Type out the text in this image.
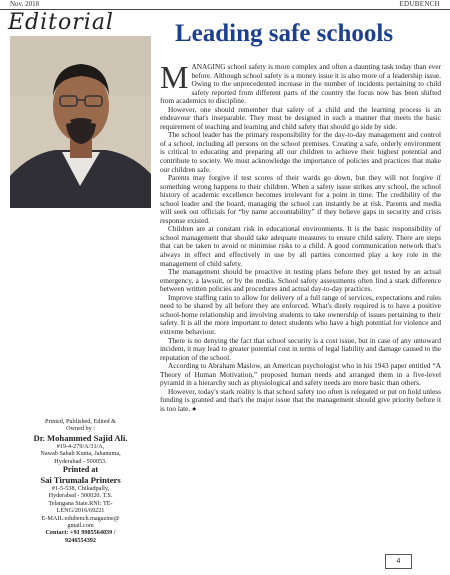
Nov. 2018	EDUBENCH
Editorial Leading safe schools
Printed, Published, Edited &
Owned by :
Dr. Mohammed Sajid Ali.
#19-4-279/A/31/A,
Nawab Sahab Kunta, Jahanuma,
Hyderabad - 500053.
Printed at
Sai Tirumala Printers
#1-5-538, Chikadpally,
Hyderabad - 500020. T.S.
Telangana State.RNI: TE-
LENG/2016/69221
E-MAIL:edubench.magazine@
gmail.com
Contact: +91 9985564039 /
9246554392

MANAGING school safety is more complex and often a daunting task today than ever before. Although school safety is a money issue it is also more of a leadership issue. Owing to the unprecedented increase in the number of incidents pertaining to child safety reported from different parts of the country the focus now has been shifted from academics to discipline.

However, one should remember that safety of a child and the learning process is an endeavour that's inseparable. They must be designed in such a manner that meets the basic requirement of teaching and learning and child safety that should go side by side.

The school leader has the primary responsibility for the day-to-day management and control of a school, including all persons on the school premises. Creating a safe, orderly environment is critical to educating and preparing all our children to achieve their highest potential and contribute to society. We must acknowledge the importance of policies and practices that make our children safe.

Parents may forgive if test scores of their wards go down, but they will not forgive if something wrong happens to their children. When a safety issue strikes any school, the school history of academic excellence becomes irrelevant for a point in time. The credibility of the school leader and the board, managing the school can instantly be at risk. Parents and media will seek out officials for “by name accountability” if they believe gaps in security and crisis response existed.

Children are at constant risk in educational environments. It is the basic responsibility of school management that should take adequate measures to ensure child safety. There are steps that can be taken to avoid or minimise risks to a child. A good communication network that's always in effect and effectively in use by all parties concerned play a key role in the management of child safety.

The management should be proactive in testing plans before they get tested by an actual emergency, a lawsuit, or by the media. School safety assessments often find a stark difference between written policies and procedures and actual day-to-day practices.

Improve staffing ratio to allow for delivery of a full range of services, expectations and rules need to be shared by all before they are enforced. What's direly required is to have a positive school-home relationship and involving students to take ownership of issues pertaining to their safety. It is all the more important to detect students who have a high potential for violence and extreme behaviour.

There is no denying the fact that school security is a cost issue, but in case of any untoward incident, it may lead to greater potential cost in terms of legal liability and damage caused to the reputation of the school.

According to Abraham Maslow, an American psychologist who in his 1943 paper entitled “A Theory of Human Motivation,” proposed human needs and arranged them in a five-level pyramid in a hierarchy such as physiological and safety needs are more basic than others.

However, today's stark reality is that school safety too often is relegated or put on hold unless funding is granted and that's the major issue that the management should give priority before it is too late. ●

4
